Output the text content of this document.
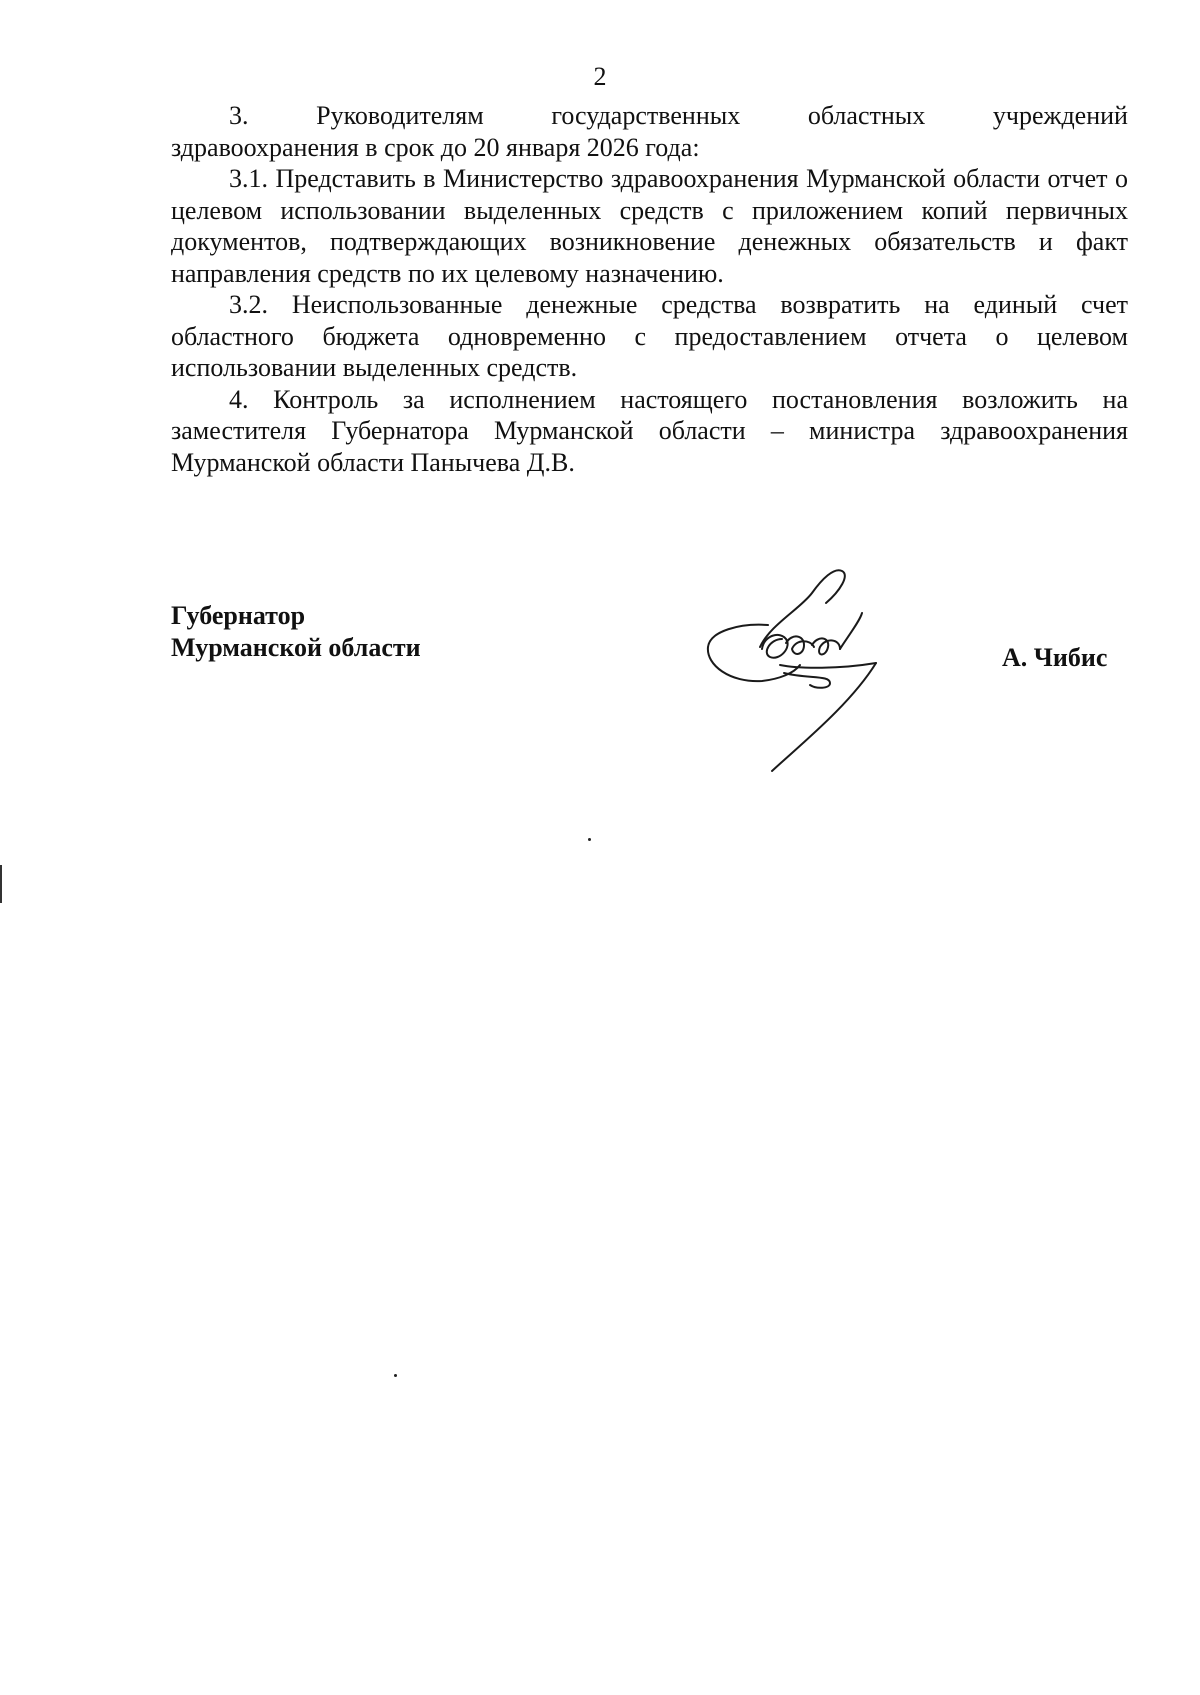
2
3.	Руководителям	государственных	областных	учреждений

здравоохранения в срок до 20 января 2026 года:

3.1. Представить в Министерство здравоохранения Мурманской области отчет о целевом использовании выделенных средств с приложением копий первичных документов, подтверждающих возникновение денежных обязательств и факт направления средств по их целевому назначению.

3.2. Неиспользованные денежные средства возвратить на единый счет областного бюджета одновременно с предоставлением отчета о целевом использовании выделенных средств.

4. Контроль за исполнением настоящего постановления возложить на заместителя Губернатора Мурманской области – министра здравоохранения Мурманской области Панычева Д.В.

Губернатор
Мурманской области	А. Чибис
